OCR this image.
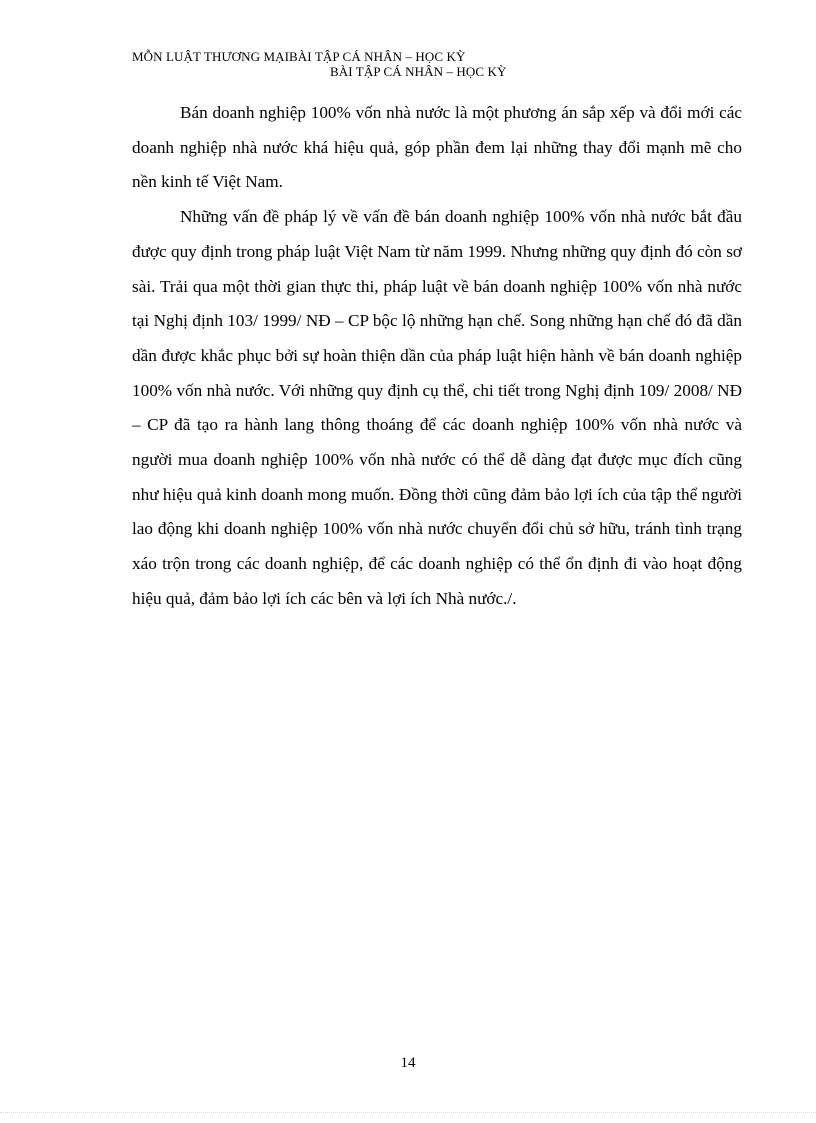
MỖN LUẬT THƯƠNG MẠIBÀI TẬP CÁ NHÂN – HỌC KỲ
BÀI TẬP CÁ NHÂN – HỌC KỲ

Bán doanh nghiệp 100% vốn nhà nước là một phương án sắp xếp và đổi mới các doanh nghiệp nhà nước khá hiệu quả, góp phần đem lại những thay đổi mạnh mẽ cho nền kinh tế Việt Nam.

Những vấn đề pháp lý về vấn đề bán doanh nghiệp 100% vốn nhà nước bắt đầu được quy định trong pháp luật Việt Nam từ năm 1999. Nhưng những quy định đó còn sơ sài. Trải qua một thời gian thực thi, pháp luật về bán doanh nghiệp 100% vốn nhà nước tại Nghị định 103/ 1999/ NĐ – CP bộc lộ những hạn chế. Song những hạn chế đó đã dần dần được khắc phục bởi sự hoàn thiện dần của pháp luật hiện hành về bán doanh nghiệp 100% vốn nhà nước. Với những quy định cụ thể, chi tiết trong Nghị định 109/ 2008/ NĐ – CP đã tạo ra hành lang thông thoáng để các doanh nghiệp 100% vốn nhà nước và người mua doanh nghiệp 100% vốn nhà nước có thể dễ dàng đạt được mục đích cũng như hiệu quả kinh doanh mong muốn. Đồng thời cũng đảm bảo lợi ích của tập thể người lao động khi doanh nghiệp 100% vốn nhà nước chuyển đổi chủ sở hữu, tránh tình trạng xáo trộn trong các doanh nghiệp, để các doanh nghiệp có thể ổn định đi vào hoạt động hiệu quả, đảm bảo lợi ích các bên và lợi ích Nhà nước./.

14
